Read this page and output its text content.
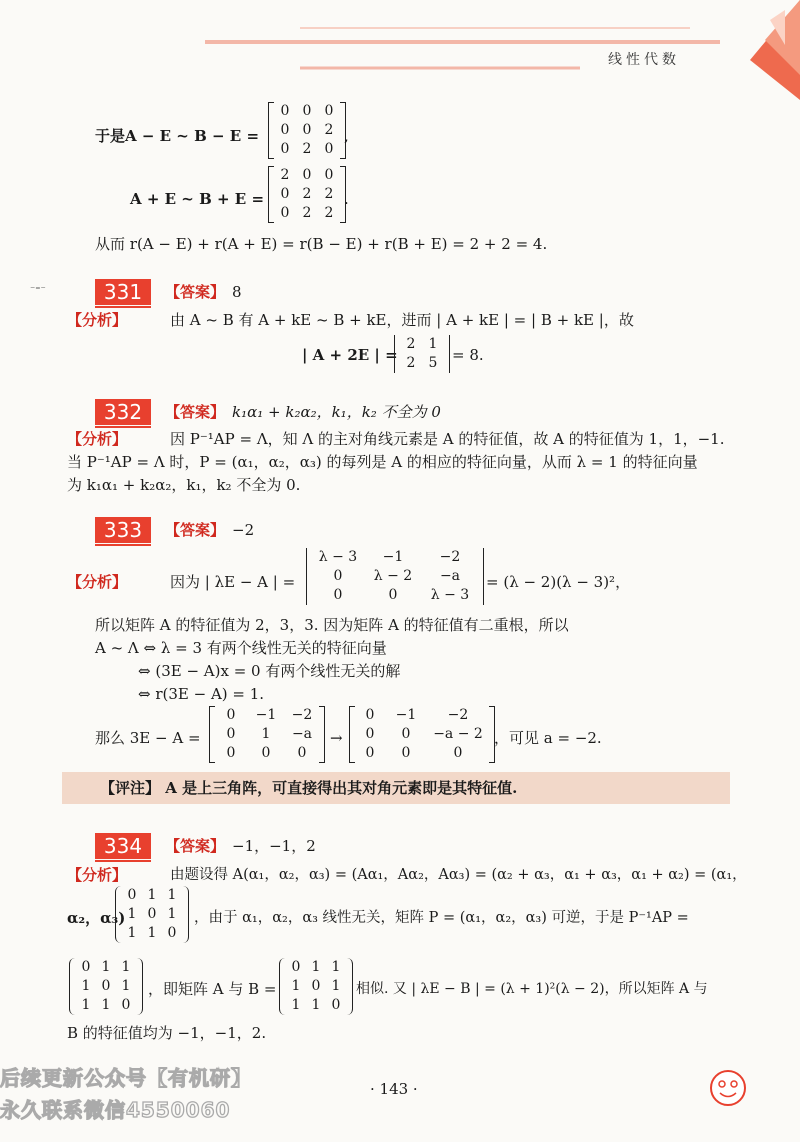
线性代数
于是A − E ~ B − E =
0 0 0
0 0 2
0 2 0
,
A + E ~ B + E =
2 0 0
0 2 2
0 2 2
.
从而 r(A − E) + r(A + E) = r(B − E) + r(B + E) = 2 + 2 = 4.
⁻⁼⁻	331	【答案】 8
【分析】	由 A ~ B 有 A + kE ~ B + kE，进而 | A + kE | = | B + kE |，故
| A + 2E | =
2 1
2 5 = 8.
332	【答案】 k₁α₁ + k₂α₂，k₁，k₂ 不全为 0
【分析】	因 P⁻¹AP = Λ，知 Λ 的主对角线元素是 A 的特征值，故 A 的特征值为 1，1，−1.
当 P⁻¹AP = Λ 时，P = (α₁，α₂，α₃) 的每列是 A 的相应的特征向量，从而 λ = 1 的特征向量
为 k₁α₁ + k₂α₂，k₁，k₂ 不全为 0.
333	【答案】 −2
【分析】	因为 | λE − A | =
λ − 3	−1	−2
0	λ − 2	−a
0	0	λ − 3
= (λ − 2)(λ − 3)²，
所以矩阵 A 的特征值为 2，3，3. 因为矩阵 A 的特征值有二重根，所以
A ~ Λ ⇔ λ = 3 有两个线性无关的特征向量
⇔ (3E − A)x = 0 有两个线性无关的解
⇔ r(3E − A) = 1.
那么 3E − A =
0	−1	−2
0	1	−a
0	0	0
→
0	−1	−2
0	0	−a − 2
0	0	0
，可见 a = −2.
【评注】 A 是上三角阵，可直接得出其对角元素即是其特征值.
334	【答案】 −1，−1，2
【分析】	由题设得 A(α₁，α₂，α₃) = (Aα₁，Aα₂，Aα₃) = (α₂ + α₃，α₁ + α₃，α₁ + α₂) = (α₁，
α₂，α₃)
0 1 1
1 0 1
1 1 0
，由于 α₁，α₂，α₃ 线性无关，矩阵 P = (α₁，α₂，α₃) 可逆，于是 P⁻¹AP =
0 1 1
1 0 1
1 1 0
，即矩阵 A 与 B =
0 1 1
1 0 1
1 1 0
相似. 又 | λE − B | = (λ + 1)²(λ − 2)，所以矩阵 A 与
B 的特征值均为 −1，−1，2.
后续更新公众号【有机研】
永久联系微信4550060
· 143 ·
